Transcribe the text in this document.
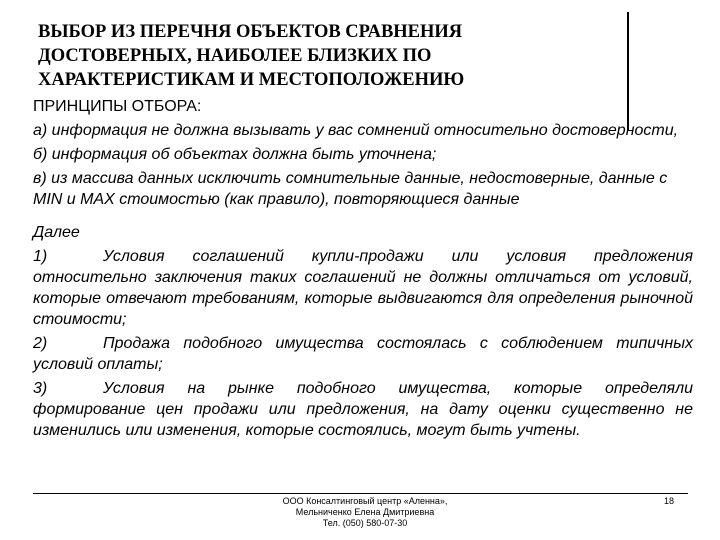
ВЫБОР ИЗ ПЕРЕЧНЯ ОБЪЕКТОВ СРАВНЕНИЯ
ДОСТОВЕРНЫХ, НАИБОЛЕЕ БЛИЗКИХ ПО
ХАРАКТЕРИСТИКАМ И МЕСТОПОЛОЖЕНИЮ

ПРИНЦИПЫ ОТБОРА:

а) информация не должна вызывать у вас сомнений относительно достоверности,

б) информация об объектах должна быть уточнена;

в) из массива данных исключить сомнительные данные, недостоверные, данные с MIN и MAX стоимостью (как правило), повторяющиеся данные

Далее

1)	Условия соглашений купли-продажи или условия предложения относительно заключения таких соглашений не должны отличаться от условий, которые отвечают требованиям, которые выдвигаются для определения рыночной стоимости;

2)	Продажа подобного имущества состоялась с соблюдением типичных условий оплаты;

3)	Условия на рынке подобного имущества, которые определяли формирование цен продажи или предложения, на дату оценки существенно не изменились или изменения, которые состоялись, могут быть учтены.

ООО Консалтинговый центр «Аленна»,
Мельниченко Елена Дмитриевна
Тел. (050) 580-07-30
18
